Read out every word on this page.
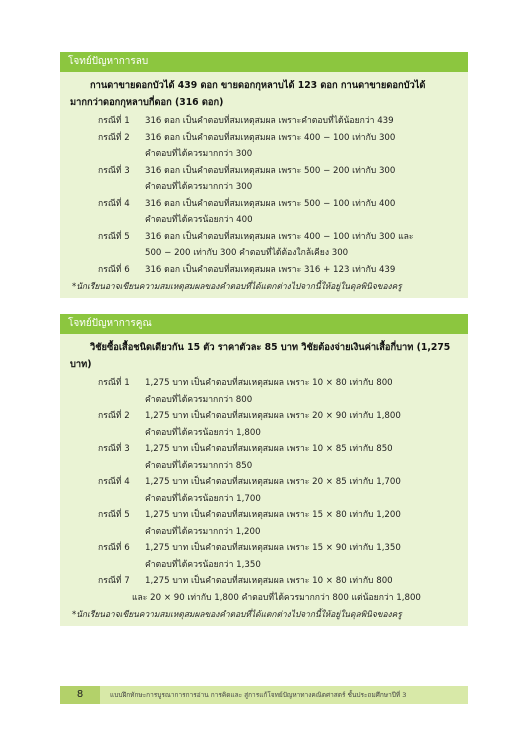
โจทย์ปัญหาการลบ

กานดาขายดอกบัวได้ 439 ดอก ขายดอกกุหลาบได้ 123 ดอก กานดาขายดอกบัวได้มากกว่าดอกกุหลาบกี่ดอก (316 ดอก)

กรณีที่ 1	316 ดอก เป็นคำตอบที่สมเหตุสมผล เพราะคำตอบที่ได้น้อยกว่า 439
กรณีที่ 2	316 ดอก เป็นคำตอบที่สมเหตุสมผล เพราะ 400 − 100 เท่ากับ 300
คำตอบที่ได้ควรมากกว่า 300
กรณีที่ 3	316 ดอก เป็นคำตอบที่สมเหตุสมผล เพราะ 500 − 200 เท่ากับ 300
คำตอบที่ได้ควรมากกว่า 300
กรณีที่ 4	316 ดอก เป็นคำตอบที่สมเหตุสมผล เพราะ 500 − 100 เท่ากับ 400
คำตอบที่ได้ควรน้อยกว่า 400
กรณีที่ 5	316 ดอก เป็นคำตอบที่สมเหตุสมผล เพราะ 400 − 100 เท่ากับ 300 และ
500 − 200 เท่ากับ 300 คำตอบที่ได้ต้องใกล้เคียง 300
กรณีที่ 6	316 ดอก เป็นคำตอบที่สมเหตุสมผล เพราะ 316 + 123 เท่ากับ 439
*นักเรียนอาจเขียนความสมเหตุสมผลของคำตอบที่ได้แตกต่างไปจากนี้ให้อยู่ในดุลพินิจของครู
โจทย์ปัญหาการคูณ

วิชัยซื้อเสื้อชนิดเดียวกัน 15 ตัว ราคาตัวละ 85 บาท วิชัยต้องจ่ายเงินค่าเสื้อกี่บาท (1,275 บาท)

กรณีที่ 1	1,275 บาท เป็นคำตอบที่สมเหตุสมผล เพราะ 10 × 80 เท่ากับ 800
คำตอบที่ได้ควรมากกว่า 800
กรณีที่ 2	1,275 บาท เป็นคำตอบที่สมเหตุสมผล เพราะ 20 × 90 เท่ากับ 1,800
คำตอบที่ได้ควรน้อยกว่า 1,800
กรณีที่ 3	1,275 บาท เป็นคำตอบที่สมเหตุสมผล เพราะ 10 × 85 เท่ากับ 850
คำตอบที่ได้ควรมากกว่า 850
กรณีที่ 4	1,275 บาท เป็นคำตอบที่สมเหตุสมผล เพราะ 20 × 85 เท่ากับ 1,700
คำตอบที่ได้ควรน้อยกว่า 1,700
กรณีที่ 5	1,275 บาท เป็นคำตอบที่สมเหตุสมผล เพราะ 15 × 80 เท่ากับ 1,200
คำตอบที่ได้ควรมากกว่า 1,200
กรณีที่ 6	1,275 บาท เป็นคำตอบที่สมเหตุสมผล เพราะ 15 × 90 เท่ากับ 1,350
คำตอบที่ได้ควรน้อยกว่า 1,350
กรณีที่ 7	1,275 บาท เป็นคำตอบที่สมเหตุสมผล เพราะ 10 × 80 เท่ากับ 800
และ 20 × 90 เท่ากับ 1,800 คำตอบที่ได้ควรมากกว่า 800 แต่น้อยกว่า 1,800
*นักเรียนอาจเขียนความสมเหตุสมผลของคำตอบที่ได้แตกต่างไปจากนี้ให้อยู่ในดุลพินิจของครู
8	แบบฝึกทักษะการบูรณาการการอ่าน การคิดและ สู่การแก้โจทย์ปัญหาทางคณิตศาสตร์ ชั้นประถมศึกษาปีที่ 3
